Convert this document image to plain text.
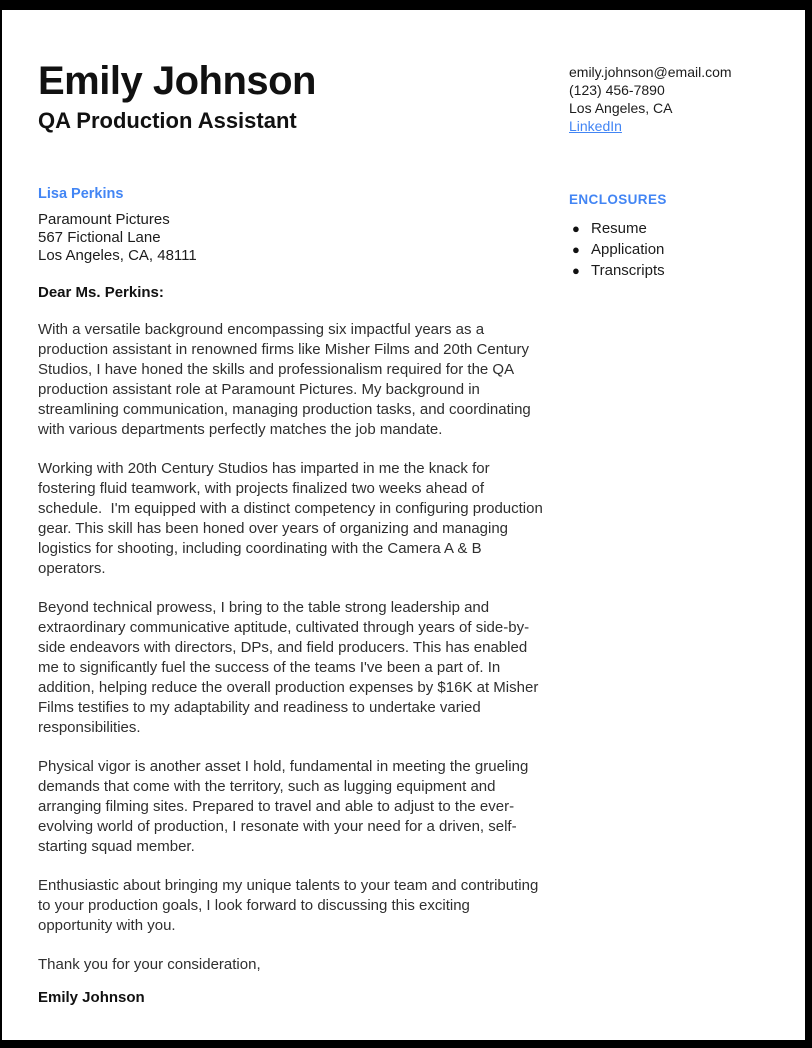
Emily Johnson
QA Production Assistant
Lisa Perkins
Paramount Pictures
567 Fictional Lane
Los Angeles, CA, 48111
Dear Ms. Perkins:

With a versatile background encompassing six impactful years as a production assistant in renowned firms like Misher Films and 20th Century Studios, I have honed the skills and professionalism required for the QA production assistant role at Paramount Pictures. My background in streamlining communication, managing production tasks, and coordinating with various departments perfectly matches the job mandate.

Working with 20th Century Studios has imparted in me the knack for fostering fluid teamwork, with projects finalized two weeks ahead of schedule.  I'm equipped with a distinct competency in configuring production gear. This skill has been honed over years of organizing and managing logistics for shooting, including coordinating with the Camera A & B operators.

Beyond technical prowess, I bring to the table strong leadership and extraordinary communicative aptitude, cultivated through years of side-by-side endeavors with directors, DPs, and field producers. This has enabled me to significantly fuel the success of the teams I've been a part of. In addition, helping reduce the overall production expenses by $16K at Misher Films testifies to my adaptability and readiness to undertake varied responsibilities.

Physical vigor is another asset I hold, fundamental in meeting the grueling demands that come with the territory, such as lugging equipment and arranging filming sites. Prepared to travel and able to adjust to the ever-evolving world of production, I resonate with your need for a driven, self-starting squad member.

Enthusiastic about bringing my unique talents to your team and contributing to your production goals, I look forward to discussing this exciting opportunity with you.

Thank you for your consideration,

Emily Johnson
emily.johnson@email.com
(123) 456-7890
Los Angeles, CA
LinkedIn
ENCLOSURES
● Resume
● Application
● Transcripts
